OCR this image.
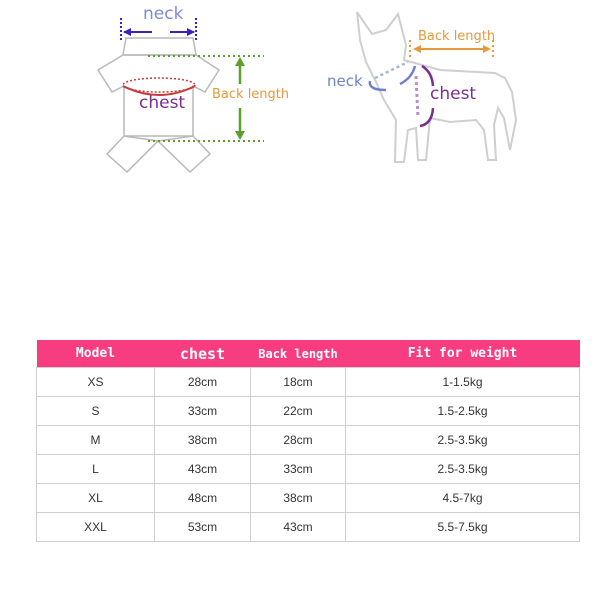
neck
chest Back length
Back length
neck
chest
Model	chest	Back length	Fit for weight
XS	28cm	18cm	1-1.5kg
S	33cm	22cm	1.5-2.5kg
M	38cm	28cm	2.5-3.5kg
L	43cm	33cm	2.5-3.5kg
XL	48cm	38cm	4.5-7kg
XXL	53cm	43cm	5.5-7.5kg
